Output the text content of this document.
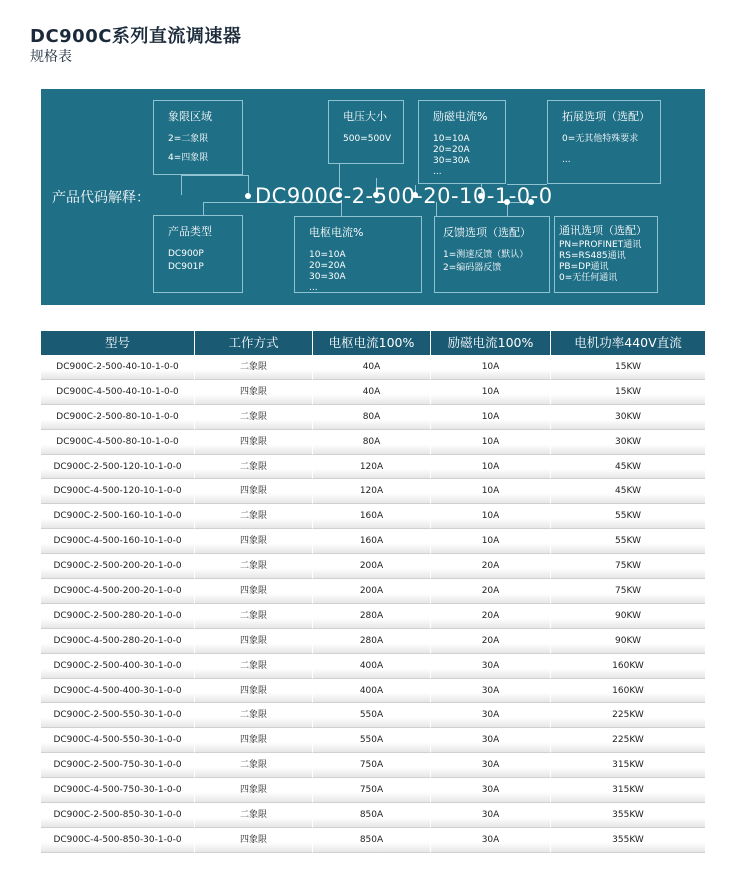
DC900C系列直流调速器
规格表
产品代码解释：	DC900C-2-500-20-10-1-0-0
象限区域
2=二象限
4=四象限
电压大小
500=500V
励磁电流%
10=10A
20=20A
30=30A
...
拓展选项（选配）
0=无其他特殊要求
...
产品类型
DC900P
DC901P
电枢电流%
10=10A
20=20A
30=30A
...
反馈选项（选配）
1=测速反馈（默认）
2=编码器反馈
通讯选项（选配）
PN=PROFINET通讯
RS=RS485通讯
PB=DP通讯
0=无任何通讯
型号	工作方式	电枢电流100%	励磁电流100%	电机功率440V直流
DC900C-2-500-40-10-1-0-0	二象限	40A	10A	15KW
DC900C-4-500-40-10-1-0-0	四象限	40A	10A	15KW
DC900C-2-500-80-10-1-0-0	二象限	80A	10A	30KW
DC900C-4-500-80-10-1-0-0	四象限	80A	10A	30KW
DC900C-2-500-120-10-1-0-0	二象限	120A	10A	45KW
DC900C-4-500-120-10-1-0-0	四象限	120A	10A	45KW
DC900C-2-500-160-10-1-0-0	二象限	160A	10A	55KW
DC900C-4-500-160-10-1-0-0	四象限	160A	10A	55KW
DC900C-2-500-200-20-1-0-0	二象限	200A	20A	75KW
DC900C-4-500-200-20-1-0-0	四象限	200A	20A	75KW
DC900C-2-500-280-20-1-0-0	二象限	280A	20A	90KW
DC900C-4-500-280-20-1-0-0	四象限	280A	20A	90KW
DC900C-2-500-400-30-1-0-0	二象限	400A	30A	160KW
DC900C-4-500-400-30-1-0-0	四象限	400A	30A	160KW
DC900C-2-500-550-30-1-0-0	二象限	550A	30A	225KW
DC900C-4-500-550-30-1-0-0	四象限	550A	30A	225KW
DC900C-2-500-750-30-1-0-0	二象限	750A	30A	315KW
DC900C-4-500-750-30-1-0-0	四象限	750A	30A	315KW
DC900C-2-500-850-30-1-0-0	二象限	850A	30A	355KW
DC900C-4-500-850-30-1-0-0	四象限	850A	30A	355KW
